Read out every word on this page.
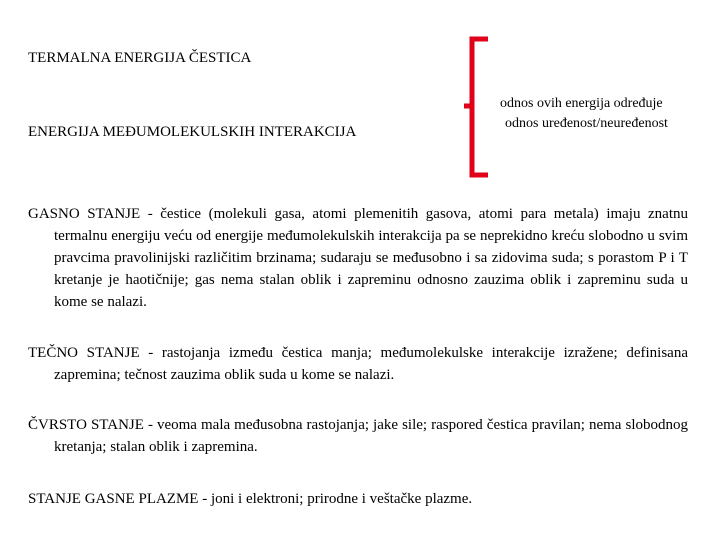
TERMALNA ENERGIJA ČESTICA
ENERGIJA MEĐUMOLEKULSKIH INTERAKCIJA
odnos ovih energija određuje
odnos uređenost/neuređenost

GASNO STANJE - čestice (molekuli gasa, atomi plemenitih gasova, atomi para metala) imaju znatnu termalnu energiju veću od energije međumolekulskih interakcija pa se neprekidno kreću slobodno u svim pravcima pravolinijski različitim brzinama; sudaraju se međusobno i sa zidovima suda; s porastom P i T kretanje je haotičnije; gas nema stalan oblik i zapreminu odnosno zauzima oblik i zapreminu suda u kome se nalazi.

TEČNO STANJE - rastojanja između čestica manja; međumolekulske interakcije izražene; definisana zapremina; tečnost zauzima oblik suda u kome se nalazi.

ČVRSTO STANJE - veoma mala međusobna rastojanja; jake sile; raspored čestica pravilan; nema slobodnog kretanja; stalan oblik i zapremina.

STANJE GASNE PLAZME - joni i elektroni; prirodne i veštačke plazme.
